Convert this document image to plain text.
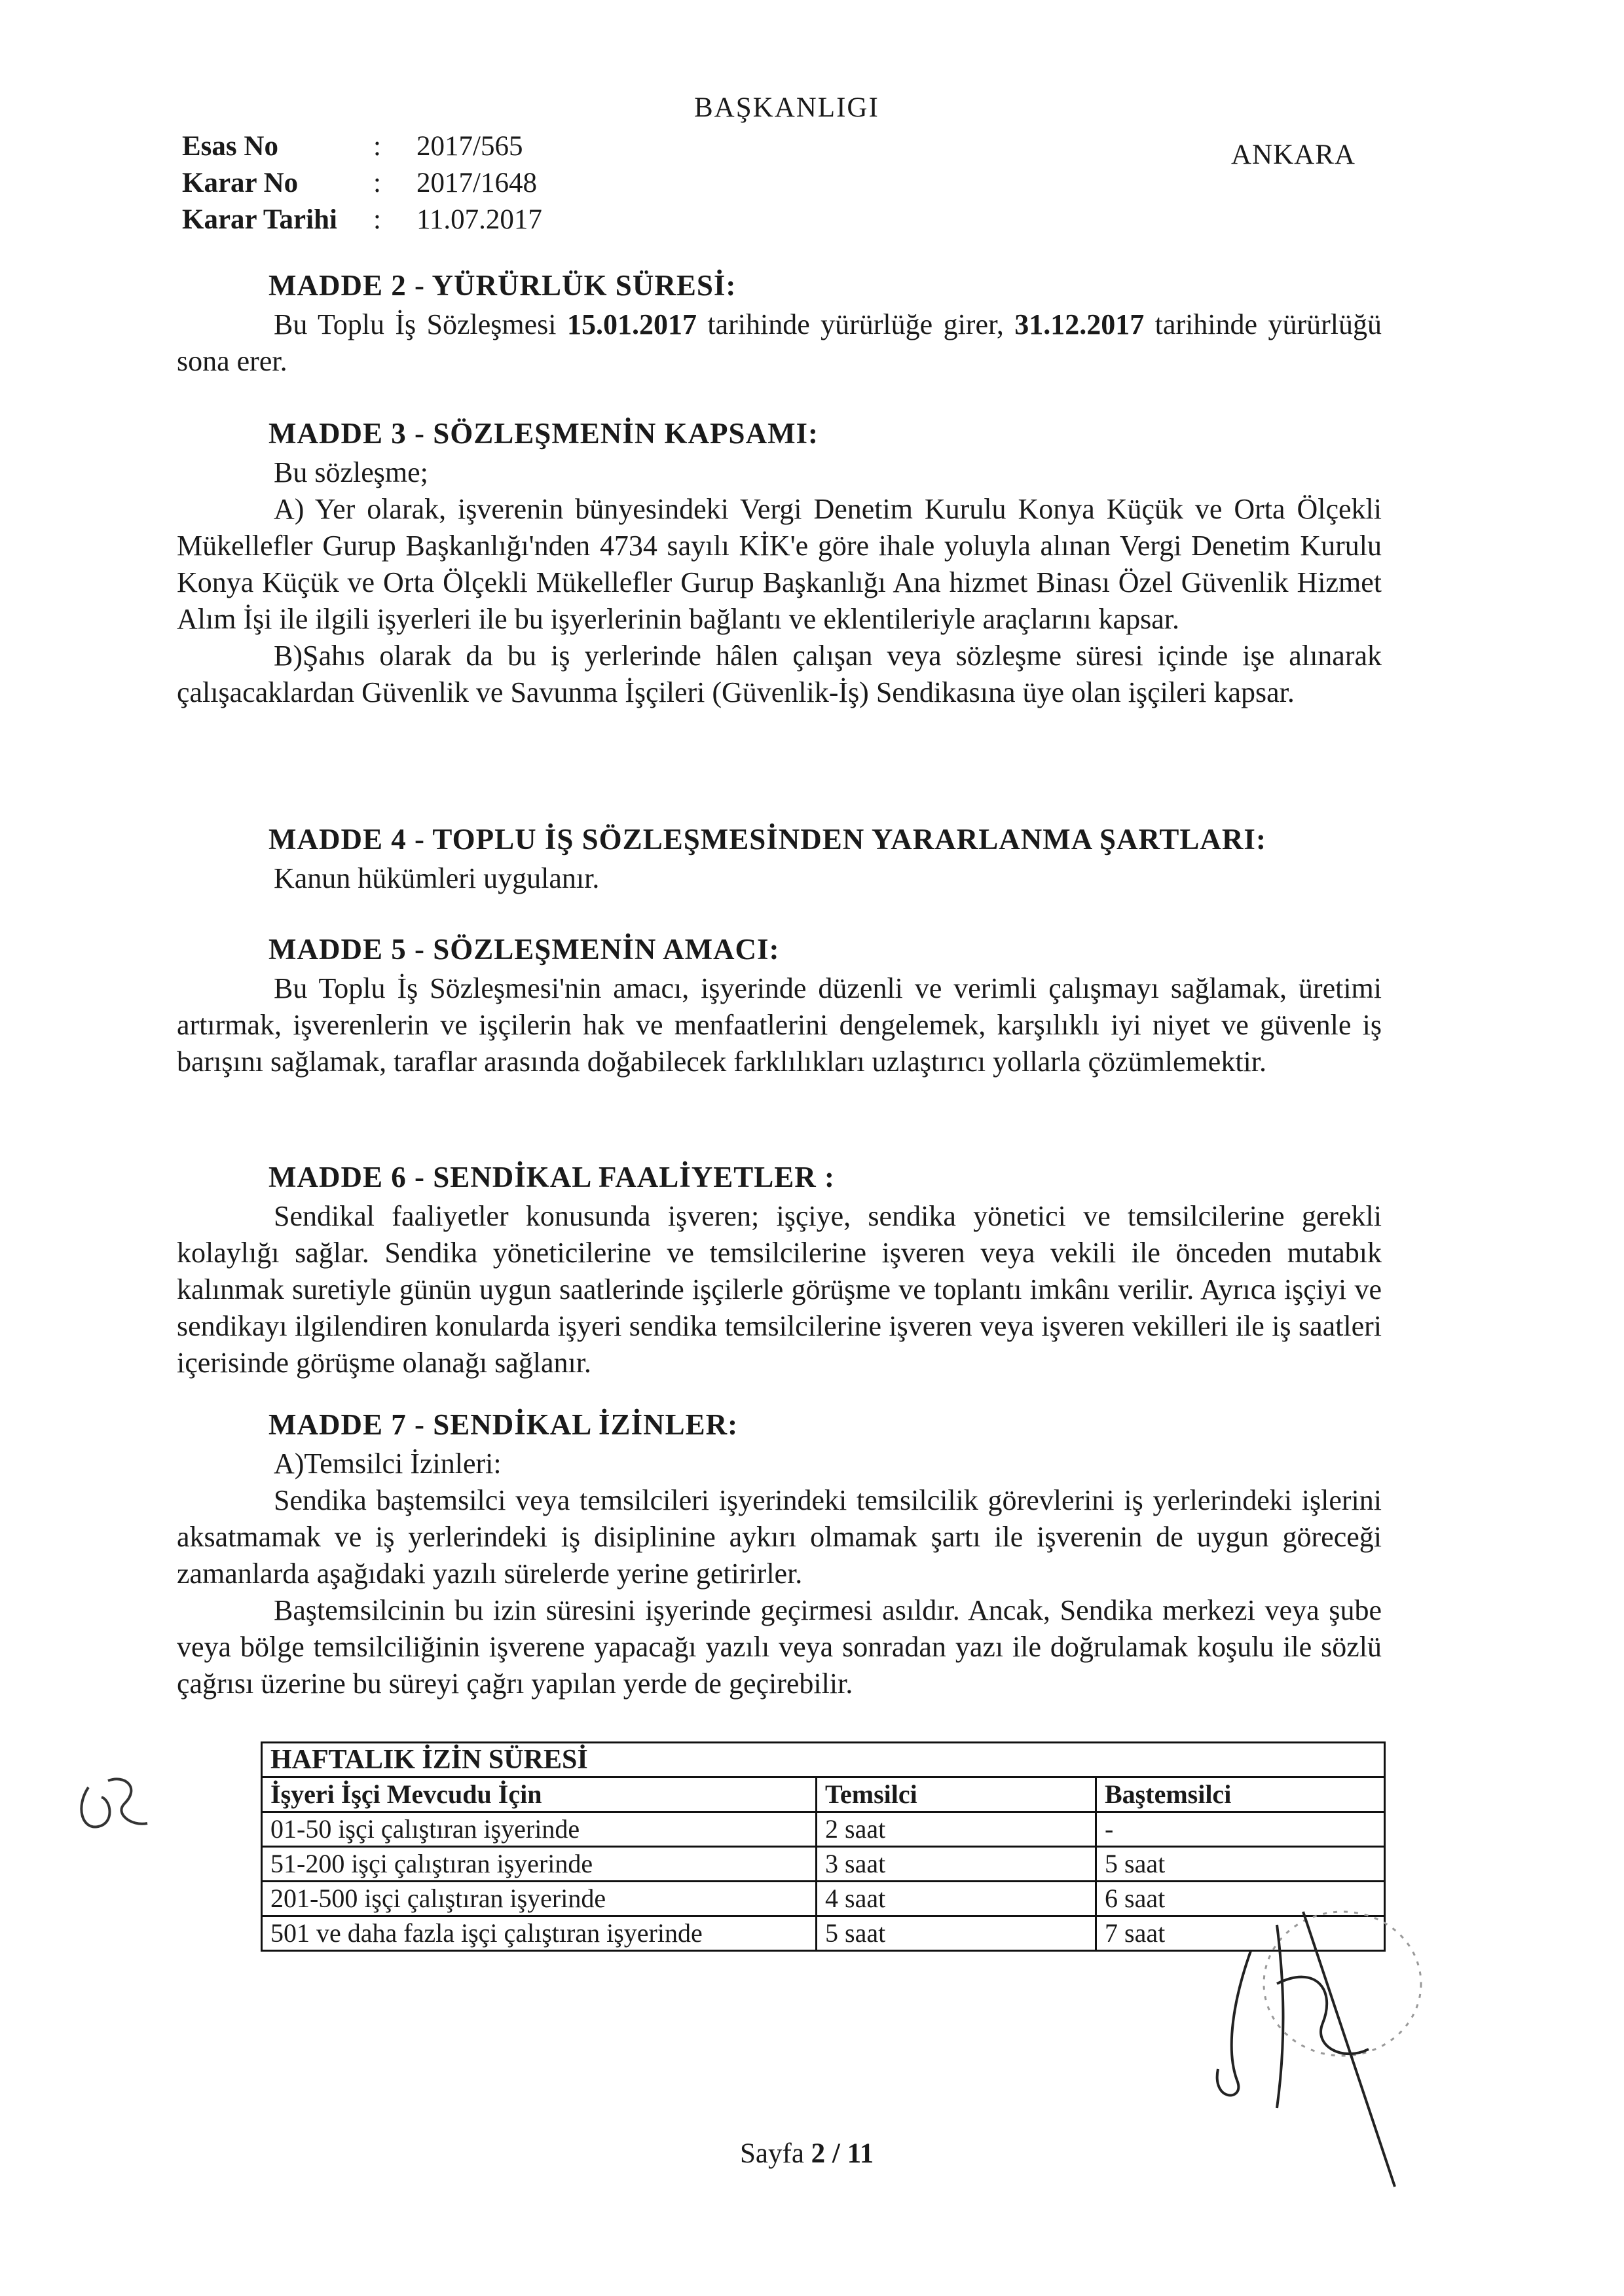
BAŞKANLIGI
ANKARA
Esas No	:	2017/565
Karar No	:	2017/1648
Karar Tarihi	:	11.07.2017
MADDE 2 - YÜRÜRLÜK SÜRESİ:

Bu Toplu İş Sözleşmesi 15.01.2017 tarihinde yürürlüğe girer, 31.12.2017 tarihinde yürürlüğü sona erer.

MADDE 3 - SÖZLEŞMENİN KAPSAMI:

Bu sözleşme;

A) Yer olarak, işverenin bünyesindeki Vergi Denetim Kurulu Konya Küçük ve Orta Ölçekli Mükellefler Gurup Başkanlığı'nden 4734 sayılı KİK'e göre ihale yoluyla alınan Vergi Denetim Kurulu Konya Küçük ve Orta Ölçekli Mükellefler Gurup Başkanlığı Ana hizmet Binası Özel Güvenlik Hizmet Alım İşi ile ilgili işyerleri ile bu işyerlerinin bağlantı ve eklentileriyle araçlarını kapsar.

B)Şahıs olarak da bu iş yerlerinde hâlen çalışan veya sözleşme süresi içinde işe alınarak çalışacaklardan Güvenlik ve Savunma İşçileri (Güvenlik-İş) Sendikasına üye olan işçileri kapsar.

MADDE 4 - TOPLU İŞ SÖZLEŞMESİNDEN YARARLANMA ŞARTLARI:

Kanun hükümleri uygulanır.

MADDE 5 - SÖZLEŞMENİN AMACI:

Bu Toplu İş Sözleşmesi'nin amacı, işyerinde düzenli ve verimli çalışmayı sağlamak, üretimi artırmak, işverenlerin ve işçilerin hak ve menfaatlerini dengelemek, karşılıklı iyi niyet ve güvenle iş barışını sağlamak, taraflar arasında doğabilecek farklılıkları uzlaştırıcı yollarla çözümlemektir.

MADDE 6 - SENDİKAL FAALİYETLER :

Sendikal faaliyetler konusunda işveren; işçiye, sendika yönetici ve temsilcilerine gerekli kolaylığı sağlar. Sendika yöneticilerine ve temsilcilerine işveren veya vekili ile önceden mutabık kalınmak suretiyle günün uygun saatlerinde işçilerle görüşme ve toplantı imkânı verilir. Ayrıca işçiyi ve sendikayı ilgilendiren konularda işyeri sendika temsilcilerine işveren veya işveren vekilleri ile iş saatleri içerisinde görüşme olanağı sağlanır.

MADDE 7 - SENDİKAL İZİNLER:

A)Temsilci İzinleri:

Sendika baştemsilci veya temsilcileri işyerindeki temsilcilik görevlerini iş yerlerindeki işlerini aksatmamak ve iş yerlerindeki iş disiplinine aykırı olmamak şartı ile işverenin de uygun göreceği zamanlarda aşağıdaki yazılı sürelerde yerine getirirler.

Baştemsilcinin bu izin süresini işyerinde geçirmesi asıldır. Ancak, Sendika merkezi veya şube veya bölge temsilciliğinin işverene yapacağı yazılı veya sonradan yazı ile doğrulamak koşulu ile sözlü çağrısı üzerine bu süreyi çağrı yapılan yerde de geçirebilir.

HAFTALIK İZİN SÜRESİ		
İşyeri İşçi Mevcudu İçin	Temsilci	Baştemsilci
01-50 işçi çalıştıran işyerinde	2 saat	-
51-200 işçi çalıştıran işyerinde	3 saat	5 saat
201-500 işçi çalıştıran işyerinde	4 saat	6 saat
501 ve daha fazla işçi çalıştıran işyerinde	5 saat	7 saat
Sayfa 2 / 11
